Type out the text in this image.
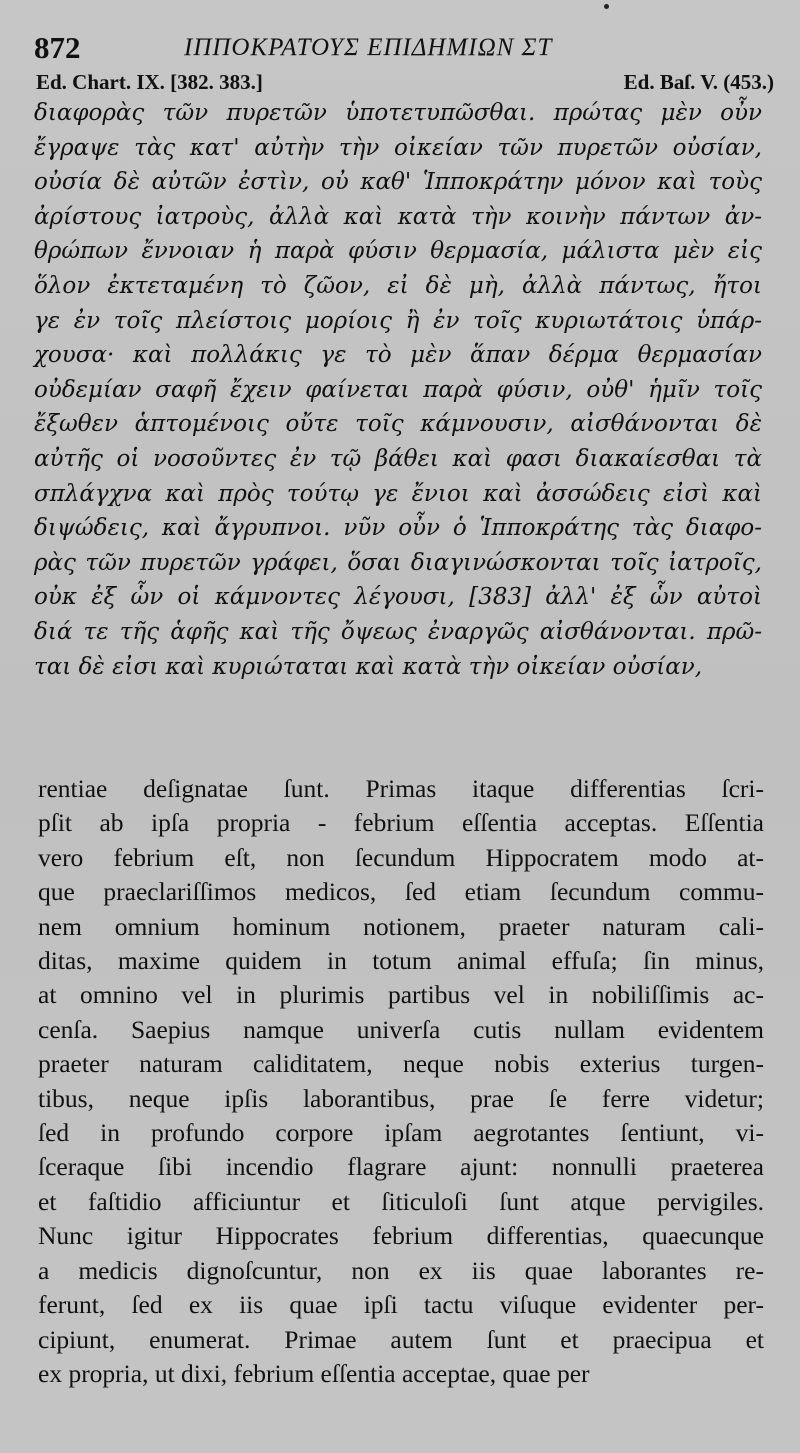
872	ΙΠΠΟΚΡΑΤΟΥΣ ΕΠΙΔΗΜΙΩΝ ΣΤ
Ed. Chart. IX. [382. 383.]	Ed. Baſ. V. (453.)
διαφορὰς τῶν πυρετῶν ὑποτετυπῶσθαι. πρώτας μὲν οὖν
ἔγραψε τὰς κατ' αὐτὴν τὴν οἰκείαν τῶν πυρετῶν οὐσίαν,
οὐσία δὲ αὐτῶν ἐστὶν, οὐ καθ' Ἱπποκράτην μόνον καὶ τοὺς
ἀρίστους ἰατροὺς, ἀλλὰ καὶ κατὰ τὴν κοινὴν πάντων ἀν-
θρώπων ἔννοιαν ἡ παρὰ φύσιν θερμασία, μάλιστα μὲν εἰς
ὅλον ἐκτεταμένη τὸ ζῶον, εἰ δὲ μὴ, ἀλλὰ πάντως, ἤτοι
γε ἐν τοῖς πλείστοις μορίοις ἢ ἐν τοῖς κυριωτάτοις ὑπάρ-
χουσα· καὶ πολλάκις γε τὸ μὲν ἅπαν δέρμα θερμασίαν
οὐδεμίαν σαφῆ ἔχειν φαίνεται παρὰ φύσιν, οὐθ' ἡμῖν τοῖς
ἔξωθεν ἁπτομένοις οὔτε τοῖς κάμνουσιν, αἰσθάνονται δὲ
αὐτῆς οἱ νοσοῦντες ἐν τῷ βάθει καὶ φασι διακαίεσθαι τὰ
σπλάγχνα καὶ πρὸς τούτῳ γε ἔνιοι καὶ ἀσσώδεις εἰσὶ καὶ
διψώδεις, καὶ ἄγρυπνοι. νῦν οὖν ὁ Ἱπποκράτης τὰς διαφο-
ρὰς τῶν πυρετῶν γράφει, ὅσαι διαγινώσκονται τοῖς ἰατροῖς,
οὐκ ἐξ ὧν οἱ κάμνοντες λέγουσι, [383] ἀλλ' ἐξ ὧν αὐτοὶ
διά τε τῆς ἁφῆς καὶ τῆς ὄψεως ἐναργῶς αἰσθάνονται. πρῶ-
ται δὲ εἰσι καὶ κυριώταται καὶ κατὰ τὴν οἰκείαν οὐσίαν,
rentiae deſignatae ſunt. Primas itaque differentias ſcri-
pſit ab ipſa propria - febrium eſſentia acceptas. Eſſentia
vero febrium eſt, non ſecundum Hippocratem modo at-
que praeclariſſimos medicos, ſed etiam ſecundum commu-
nem omnium hominum notionem, praeter naturam cali-
ditas, maxime quidem in totum animal effuſa; ſin minus,
at omnino vel in plurimis partibus vel in nobiliſſimis ac-
cenſa. Saepius namque univerſa cutis nullam evidentem
praeter naturam caliditatem, neque nobis exterius turgen-
tibus, neque ipſis laborantibus, prae ſe ferre videtur;
ſed in profundo corpore ipſam aegrotantes ſentiunt, vi-
ſceraque ſibi incendio flagrare ajunt: nonnulli praeterea
et faſtidio afficiuntur et ſiticuloſi ſunt atque pervigiles.
Nunc igitur Hippocrates febrium differentias, quaecunque
a medicis dignoſcuntur, non ex iis quae laborantes re-
ferunt, ſed ex iis quae ipſi tactu viſuque evidenter per-
cipiunt, enumerat. Primae autem ſunt et praecipua et
ex propria, ut dixi, febrium eſſentia acceptae, quae per
